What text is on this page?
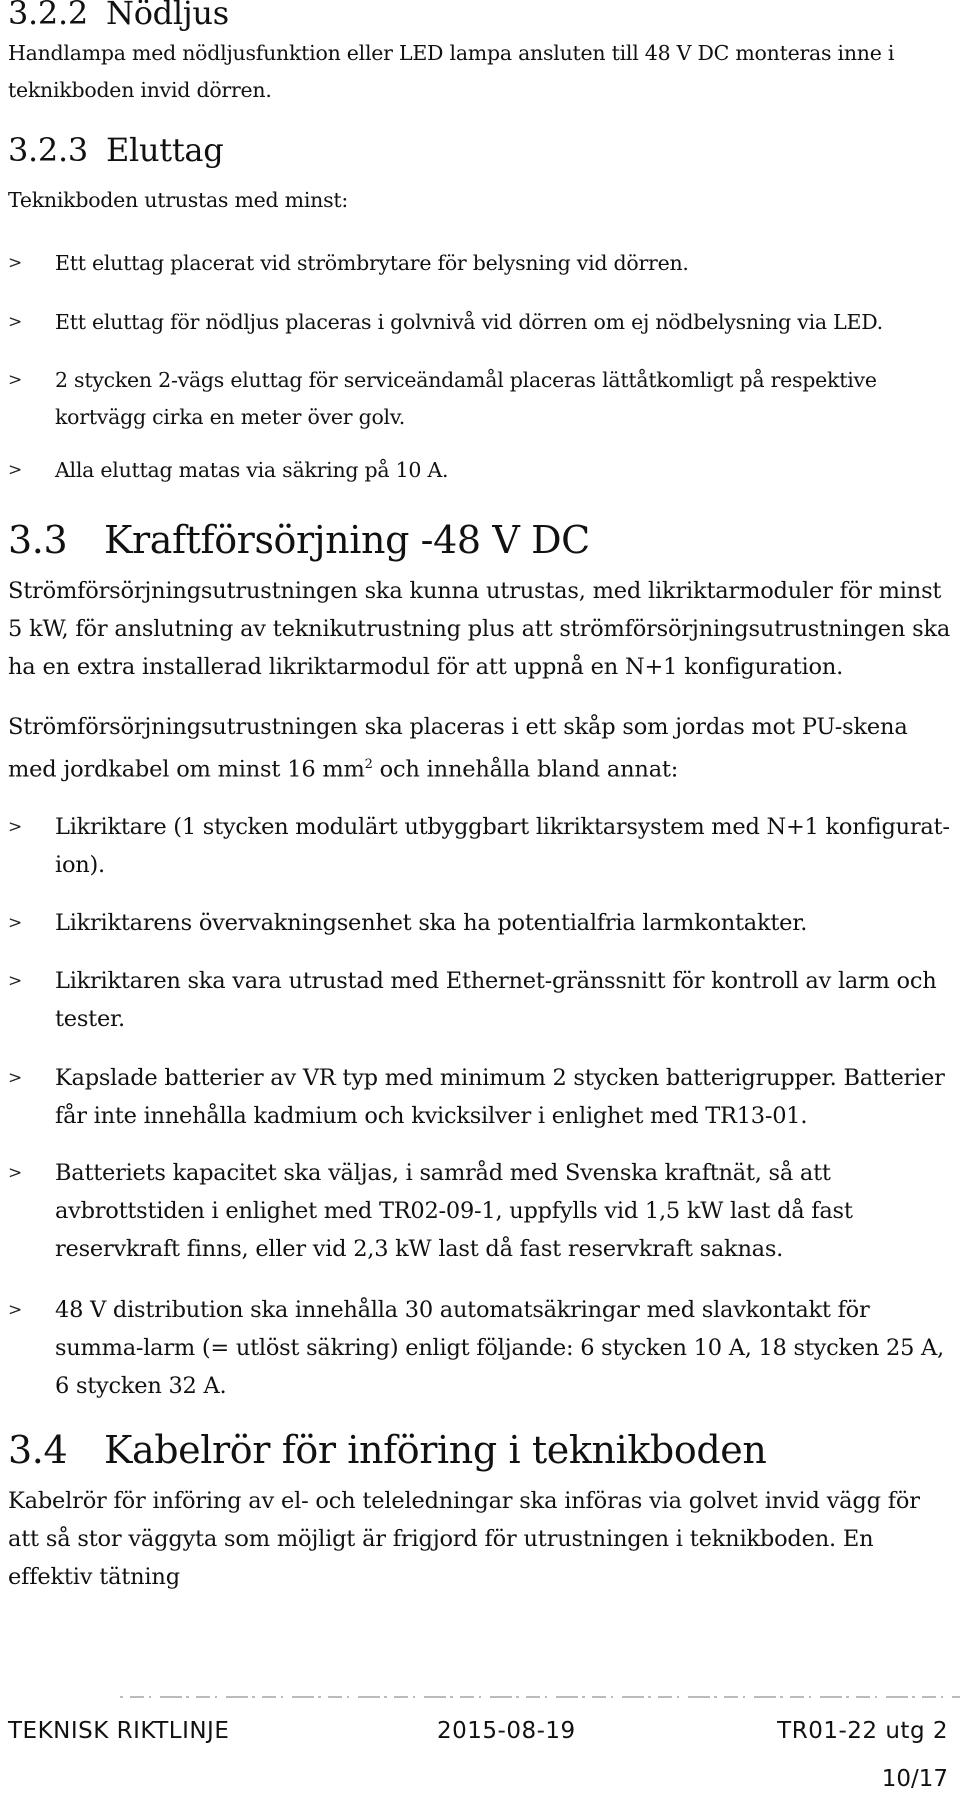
3.2.2 Nödljus

Handlampa med nödljusfunktion eller LED lampa ansluten till 48 V DC monteras inne i teknikboden invid dörren.

3.2.3 Eluttag

Teknikboden utrustas med minst:

> Ett eluttag placerat vid strömbrytare för belysning vid dörren.
> Ett eluttag för nödljus placeras i golvnivå vid dörren om ej nödbelysning via LED.
> 2 stycken 2-vägs eluttag för serviceändamål placeras lättåtkomligt på respektive kortvägg cirka en meter över golv.
> Alla eluttag matas via säkring på 10 A.
3.3 Kraftförsörjning -48 V DC

Strömförsörjningsutrustningen ska kunna utrustas, med likriktarmoduler för minst 5 kW, för anslutning av teknikutrustning plus att strömförsörjningsutrustningen ska ha en extra installerad likriktarmodul för att uppnå en N+1 konfiguration.

Strömförsörjningsutrustningen ska placeras i ett skåp som jordas mot PU-skena med jordkabel om minst 16 $mm^2$ och innehålla bland annat:

> Likriktare (1 stycken modulärt utbyggbart likriktarsystem med N+1 konfigurat-ion).
> Likriktarens övervakningsenhet ska ha potentialfria larmkontakter.
> Likriktaren ska vara utrustad med Ethernet-gränssnitt för kontroll av larm och tester.
> Kapslade batterier av VR typ med minimum 2 stycken batterigrupper. Batterier får inte innehålla kadmium och kvicksilver i enlighet med TR13-01.
> Batteriets kapacitet ska väljas, i samråd med Svenska kraftnät, så att avbrottstiden i enlighet med TR02-09-1, uppfylls vid 1,5 kW last då fast reservkraft finns, eller vid 2,3 kW last då fast reservkraft saknas.
> 48 V distribution ska innehålla 30 automatsäkringar med slavkontakt för summa-larm (= utlöst säkring) enligt följande: 6 stycken 10 A, 18 stycken 25 A, 6 stycken 32 A.
3.4 Kabelrör för införing i teknikboden

Kabelrör för införing av el- och teleledningar ska införas via golvet invid vägg för att så stor väggyta som möjligt är frigjord för utrustningen i teknikboden. En effektiv tätning

TEKNISK RIKTLINJE	2015-08-19	TR01-22 utg 2
10/17
